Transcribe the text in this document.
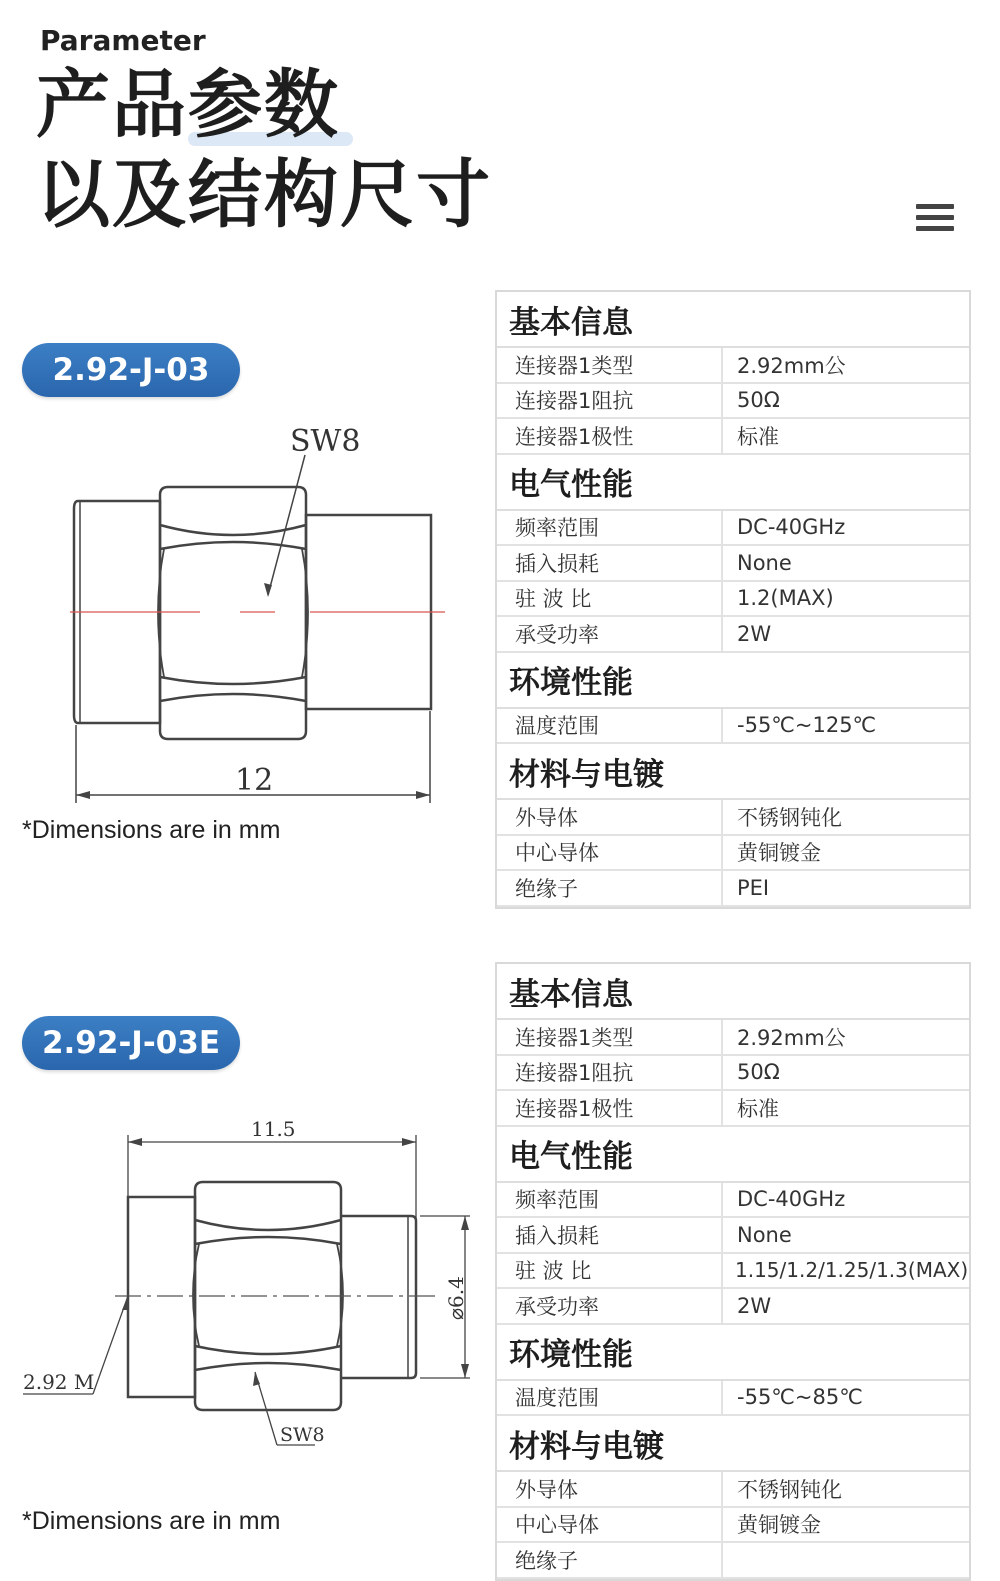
Parameter
产品参数
以及结构尺寸
2.92-J-03
SW8
12
*Dimensions are in mm
基本信息
连接器1类型	2.92mm公
连接器1阻抗	50Ω
连接器1极性	标准
电气性能
频率范围	DC-40GHz
插入损耗	None
驻 波 比	1.2(MAX)
承受功率	2W
环境性能
温度范围	-55℃~125℃
材料与电镀
外导体	不锈钢钝化
中心导体	黄铜镀金
绝缘子	PEI
2.92-J-03E
11.5
⌀6.4
2.92 M
SW8
*Dimensions are in mm
基本信息
连接器1类型	2.92mm公
连接器1阻抗	50Ω
连接器1极性	标准
电气性能
频率范围	DC-40GHz
插入损耗	None
驻 波 比	1.15/1.2/1.25/1.3(MAX)
承受功率	2W
环境性能
温度范围	-55℃~85℃
材料与电镀
外导体	不锈钢钝化
中心导体	黄铜镀金
绝缘子
